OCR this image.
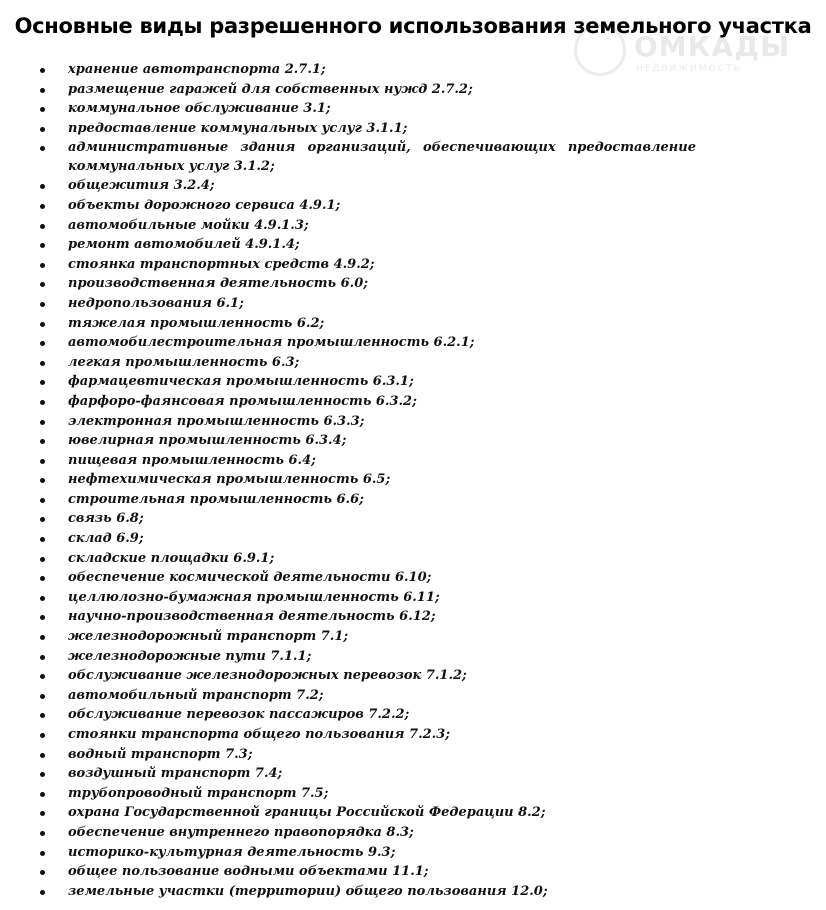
Основные виды разрешенного использования земельного участка
ОМКАДЫ
НЕДВИЖИМОСТЬ
хранение автотранспорта 2.7.1;
размещение гаражей для собственных нужд 2.7.2;
коммунальное обслуживание 3.1;
предоставление коммунальных услуг 3.1.1;
административные здания организаций, обеспечивающих предоставление коммунальных услуг 3.1.2;
общежития 3.2.4;
объекты дорожного сервиса 4.9.1;
автомобильные мойки 4.9.1.3;
ремонт автомобилей 4.9.1.4;
стоянка транспортных средств 4.9.2;
производственная деятельность 6.0;
недропользования 6.1;
тяжелая промышленность 6.2;
автомобилестроительная промышленность 6.2.1;
легкая промышленность 6.3;
фармацевтическая промышленность 6.3.1;
фарфоро-фаянсовая промышленность 6.3.2;
электронная промышленность 6.3.3;
ювелирная промышленность 6.3.4;
пищевая промышленность 6.4;
нефтехимическая промышленность 6.5;
строительная промышленность 6.6;
связь 6.8;
склад 6.9;
складские площадки 6.9.1;
обеспечение космической деятельности 6.10;
целлюлозно-бумажная промышленность 6.11;
научно-производственная деятельность 6.12;
железнодорожный транспорт 7.1;
железнодорожные пути 7.1.1;
обслуживание железнодорожных перевозок 7.1.2;
автомобильный транспорт 7.2;
обслуживание перевозок пассажиров 7.2.2;
стоянки транспорта общего пользования 7.2.3;
водный транспорт 7.3;
воздушный транспорт 7.4;
трубопроводный транспорт 7.5;
охрана Государственной границы Российской Федерации 8.2;
обеспечение внутреннего правопорядка 8.3;
историко-культурная деятельность 9.3;
общее пользование водными объектами 11.1;
земельные участки (территории) общего пользования 12.0;
